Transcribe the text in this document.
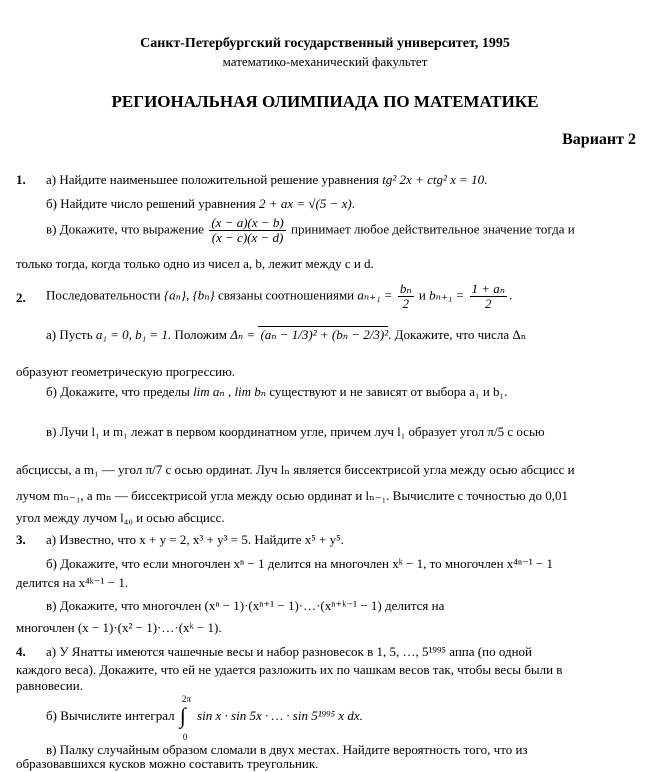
Санкт-Петербургский государственный университет, 1995
математико-механический факультет
РЕГИОНАЛЬНАЯ ОЛИМПИАДА ПО МАТЕМАТИКЕ
Вариант 2
1. а) Найдите наименьшее положительной решение уравнения tg² 2x + ctg² x = 10.
б) Найдите число решений уравнения 2 + ax = √(5 − x).
в) Докажите, что выражение $\frac{(x - a)(x - b)}{(x - c)(x - d)}$ принимает любое действительное значение тогда и
только тогда, когда только одно из чисел a, b, лежит между c и d.
2. Последовательности {aₙ}, {bₙ} связаны соотношениями $a_{n+1} = \frac{\text{bₙ}}{2}$ и $b_{n+1} = \frac{\text{1 + aₙ}}{2}$ .
а) Пусть a₁ = 0, b₁ = 1. Положим Δₙ = (aₙ − 1/3)² + (bₙ − 2/3)². Докажите, что числа Δₙ
образуют геометрическую прогрессию.
б) Докажите, что пределы lim aₙ , lim bₙ существуют и не зависят от выбора a₁ и b₁.
в) Лучи l₁ и m₁ лежат в первом координатном угле, причем луч l₁ образует угол π/5 с осью
абсциссы, а m₁ — угол π/7 с осью ординат. Луч lₙ является биссектрисой угла между осью абсцисс и
лучом mₙ₋₁, а mₙ — биссектрисой угла между осью ординат и lₙ₋₁. Вычислите с точностью до 0,01
угол между лучом l₄₀ и осью абсцисс.
3. а) Известно, что x + y = 2, x³ + y³ = 5. Найдите x⁵ + y⁵.
б) Докажите, что если многочлен xⁿ − 1 делится на многочлен xᵏ − 1, то многочлен x⁴ⁿ⁻¹ − 1
делится на x⁴ᵏ⁻¹ − 1.
в) Докажите, что многочлен (xⁿ − 1)·(xⁿ⁺¹ − 1)·…·(xⁿ⁺ᵏ⁻¹ − 1) делится на
многочлен (x − 1)·(x² − 1)·…·(xᵏ − 1).
4. а) У Янатты имеются чашечные весы и набор разновесок в 1, 5, …, 5¹⁹⁹⁵ аппа (по одной
каждого веса). Докажите, что ей не удается разложить их по чашкам весов так, чтобы весы были в
равновесии.
б) Вычислите интеграл ∫
2π
0
sin x · sin 5x · … · sin 5¹⁹⁹⁵ x dx.
в) Палку случайным образом сломали в двух местах. Найдите вероятность того, что из
образовавшихся кусков можно составить треугольник.
